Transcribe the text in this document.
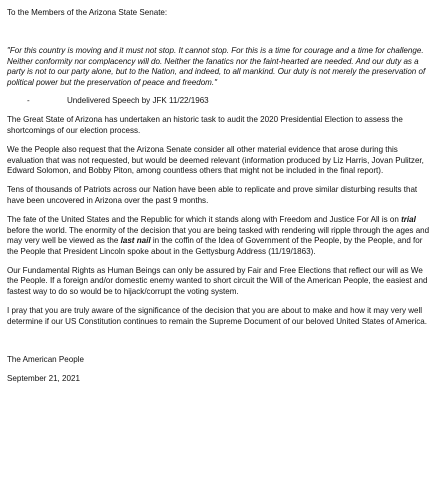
To the Members of the Arizona State Senate:
"For this country is moving and it must not stop. It cannot stop. For this is a time for courage and a time for challenge. Neither conformity nor complacency will do. Neither the fanatics nor the faint-hearted are needed. And our duty as a party is not to our party alone, but to the Nation, and indeed, to all mankind. Our duty is not merely the preservation of political power but the preservation of peace and freedom."
-	Undelivered Speech by JFK 11/22/1963

The Great State of Arizona has undertaken an historic task to audit the 2020 Presidential Election to assess the shortcomings of our election process.

We the People also request that the Arizona Senate consider all other material evidence that arose during this evaluation that was not requested, but would be deemed relevant (information produced by Liz Harris, Jovan Pulitzer, Edward Solomon, and Bobby Piton, among countless others that might not be included in the final report).

Tens of thousands of Patriots across our Nation have been able to replicate and prove similar disturbing results that have been uncovered in Arizona over the past 9 months.

The fate of the United States and the Republic for which it stands along with Freedom and Justice For All is on trial before the world. The enormity of the decision that you are being tasked with rendering will ripple through the ages and may very well be viewed as the last nail in the coffin of the Idea of Government of the People, by the People, and for the People that President Lincoln spoke about in the Gettysburg Address (11/19/1863).

Our Fundamental Rights as Human Beings can only be assured by Fair and Free Elections that reflect our will as We the People. If a foreign and/or domestic enemy wanted to short circuit the Will of the American People, the easiest and fastest way to do so would be to hijack/corrupt the voting system.

I pray that you are truly aware of the significance of the decision that you are about to make and how it may very well determine if our US Constitution continues to remain the Supreme Document of our beloved United States of America.

The American People
September 21, 2021
